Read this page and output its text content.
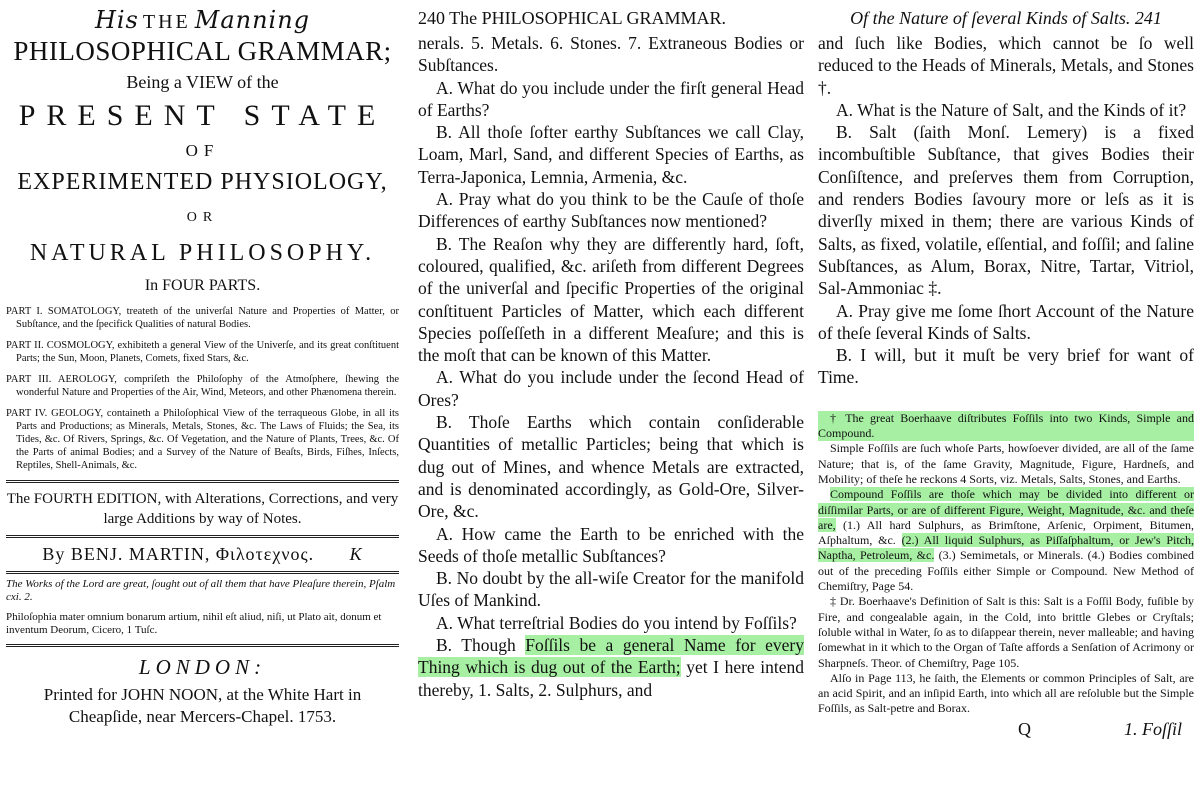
His THE Manning

PHILOSOPHICAL GRAMMAR;

Being a VIEW of the

PRESENT STATE

OF

EXPERIMENTED PHYSIOLOGY,

OR

NATURAL PHILOSOPHY.

In FOUR PARTS.

PART I. SOMATOLOGY, treateth of the univerſal Nature and Properties of Matter, or Subſtance, and the ſpecifick Qualities of natural Bodies.

PART II. COSMOLOGY, exhibiteth a general View of the Univerſe, and its great conſtituent Parts; the Sun, Moon, Planets, Comets, fixed Stars, &c.

PART III. AEROLOGY, compriſeth the Philoſophy of the Atmoſphere, ſhewing the wonderful Nature and Properties of the Air, Wind, Meteors, and other Phænomena therein.

PART IV. GEOLOGY, containeth a Philoſophical View of the terraqueous Globe, in all its Parts and Productions; as Minerals, Metals, Stones, &c. The Laws of Fluids; the Sea, its Tides, &c. Of Rivers, Springs, &c. Of Vegetation, and the Nature of Plants, Trees, &c. Of the Parts of animal Bodies; and a Survey of the Nature of Beaſts, Birds, Fiſhes, Inſects, Reptiles, Shell-Animals, &c.

The FOURTH EDITION, with Alterations, Corrections, and very large Additions by way of Notes.

By BENJ. MARTIN, Φιλοτεχνος. K

The Works of the Lord are great, ſought out of all them that have Pleaſure therein, Pſalm cxi. 2.

Philoſophia mater omnium bonarum artium, nihil eſt aliud, niſi, ut Plato ait, donum et inventum Deorum, Cicero, 1 Tuſc.

LONDON:

Printed for JOHN NOON, at the White Hart in Cheapſide, near Mercers-Chapel. 1753.

240 The PHILOSOPHICAL GRAMMAR.

nerals. 5. Metals. 6. Stones. 7. Extraneous Bodies or Subſtances.

A. What do you include under the firſt general Head of Earths?

B. All thoſe ſofter earthy Subſtances we call Clay, Loam, Marl, Sand, and different Species of Earths, as Terra-Japonica, Lemnia, Armenia, &c.

A. Pray what do you think to be the Cauſe of thoſe Differences of earthy Subſtances now mentioned?

B. The Reaſon why they are differently hard, ſoft, coloured, qualified, &c. ariſeth from different Degrees of the univerſal and ſpecific Properties of the original conſtituent Particles of Matter, which each different Species poſſeſſeth in a different Meaſure; and this is the moſt that can be known of this Matter.

A. What do you include under the ſecond Head of Ores?

B. Thoſe Earths which contain conſiderable Quantities of metallic Particles; being that which is dug out of Mines, and whence Metals are extracted, and is denominated accordingly, as Gold-Ore, Silver-Ore, &c.

A. How came the Earth to be enriched with the Seeds of thoſe metallic Subſtances?

B. No doubt by the all-wiſe Creator for the manifold Uſes of Mankind.

A. What terreſtrial Bodies do you intend by Foſſils?

B. Though Foſſils be a general Name for every Thing which is dug out of the Earth; yet I here intend thereby, 1. Salts, 2. Sulphurs, and

Of the Nature of ſeveral Kinds of Salts. 241

and ſuch like Bodies, which cannot be ſo well reduced to the Heads of Minerals, Metals, and Stones †.

A. What is the Nature of Salt, and the Kinds of it?

B. Salt (ſaith Monſ. Lemery) is a fixed incombuſtible Subſtance, that gives Bodies their Conſiſtence, and preſerves them from Corruption, and renders Bodies ſavoury more or leſs as it is diverſly mixed in them; there are various Kinds of Salts, as fixed, volatile, eſſential, and foſſil; and ſaline Subſtances, as Alum, Borax, Nitre, Tartar, Vitriol, Sal-Ammoniac ‡.

A. Pray give me ſome ſhort Account of the Nature of theſe ſeveral Kinds of Salts.

B. I will, but it muſt be very brief for want of Time.

† The great Boerhaave diſtributes Foſſils into two Kinds, Simple and Compound.

Simple Foſſils are ſuch whoſe Parts, howſoever divided, are all of the ſame Nature; that is, of the ſame Gravity, Magnitude, Figure, Hardneſs, and Mobility; of theſe he reckons 4 Sorts, viz. Metals, Salts, Stones, and Earths.

Compound Foſſils are thoſe which may be divided into different or diſſimilar Parts, or are of different Figure, Weight, Magnitude, &c. and theſe are, (1.) All hard Sulphurs, as Brimſtone, Arſenic, Orpiment, Bitumen, Aſphaltum, &c. (2.) All liquid Sulphurs, as Piſſaſphaltum, or Jew's Pitch, Naptha, Petroleum, &c. (3.) Semimetals, or Minerals. (4.) Bodies combined out of the preceding Foſſils either Simple or Compound. New Method of Chemiſtry, Page 54.

‡ Dr. Boerhaave's Definition of Salt is this: Salt is a Foſſil Body, fuſible by Fire, and congealable again, in the Cold, into brittle Glebes or Cryſtals; ſoluble withal in Water, ſo as to diſappear therein, never malleable; and having ſomewhat in it which to the Organ of Taſte affords a Senſation of Acrimony or Sharpneſs. Theor. of Chemiſtry, Page 105.

Alſo in Page 113, he ſaith, the Elements or common Principles of Salt, are an acid Spirit, and an inſipid Earth, into which all are reſoluble but the Simple Foſſils, as Salt-petre and Borax.

Q	1. Foſſil
